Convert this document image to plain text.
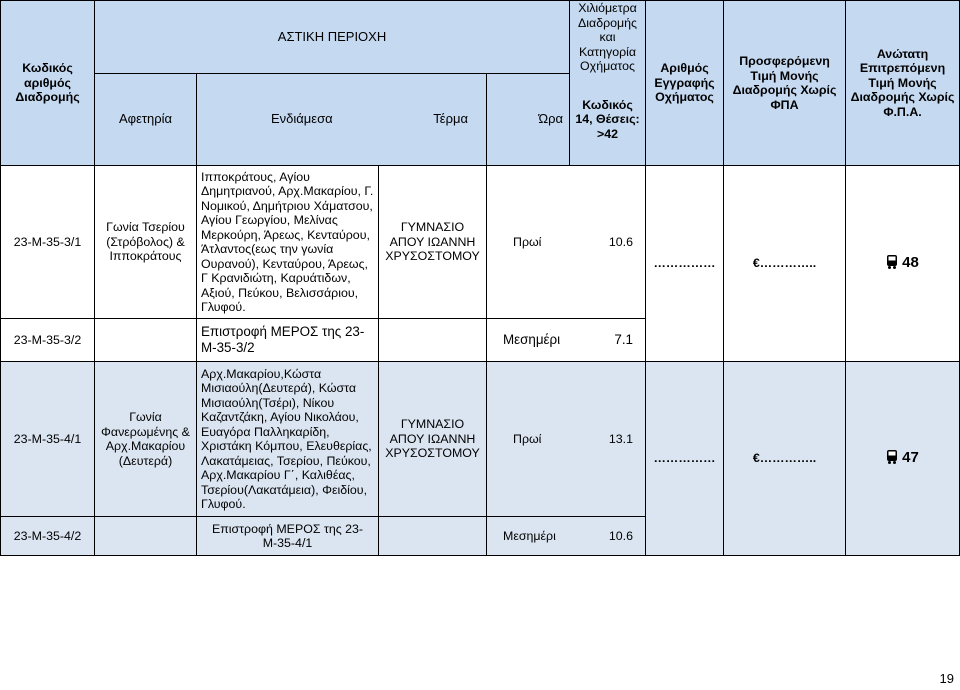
Κωδικός αριθμός Διαδρομής	ΑΣΤΙΚΗ ΠΕΡΙΟΧΗ				Χιλιόμετρα Διαδρομής και Κατηγορία Οχήματος	Αριθμός Εγγραφής Οχήματος	Προσφερόμενη Τιμή Μονής Διαδρομής Χωρίς ΦΠΑ	Ανώτατη Επιτρεπόμενη Τιμή Μονής Διαδρομής Χωρίς Φ.Π.Α.
	Αφετηρία	Ενδιάμεσα Τέρμα		Ώρα	Κωδικός 14, Θέσεις: >42			
23-Μ-35-3/1	Γωνία Τσερίου (Στρόβολος) & Ιπποκράτους	Ιπποκράτους, Αγίου Δημητριανού, Αρχ.Μακαρίου, Γ. Νομικού, Δημήτριου Χάματσου, Αγίου Γεωργίου, Μελίνας Μερκούρη, Άρεως, Κενταύρου, Άτλαντος(εως την γωνία Ουρανού), Κενταύρου, Άρεως, Γ Κρανιδιώτη, Καρυάτιδων, Αξιού, Πεύκου, Βελισσάριου, Γλυφού.	ΓΥΜΝΑΣΙΟ ΑΠΟΥ ΙΩΑΝΝΗ ΧΡΥΣΟΣΤΟΜΟΥ	Πρωί 10.6		……………	€…………..	48
23-Μ-35-3/2		Επιστροφή ΜΕΡΟΣ της 23-Μ-35-3/2		Μεσημέρι 7.1				

23-Μ-35-4/1	Γωνία Φανερωμένης & Αρχ.Μακαρίου (Δευτερά)	Αρχ.Μακαρίου,Κώστα Μισιαούλη(Δευτερά), Κώστα Μισιαούλη(Τσέρι), Νίκου Καζαντζάκη, Αγίου Νικολάου, Ευαγόρα Παλληκαρίδη, Χριστάκη Κόμπου, Ελευθερίας, Λακατάμειας, Τσερίου, Πεύκου, Αρχ.Μακαρίου Γ΄, Καλιθέας, Τσερίου(Λακατάμεια), Φειδίου, Γλυφού.	ΓΥΜΝΑΣΙΟ ΑΠΟΥ ΙΩΑΝΝΗ ΧΡΥΣΟΣΤΟΜΟΥ	Πρωί 13.1		……………	€…………..	47
23-Μ-35-4/2		Επιστροφή ΜΕΡΟΣ της 23-Μ-35-4/1		Μεσημέρι 10.6				
19
